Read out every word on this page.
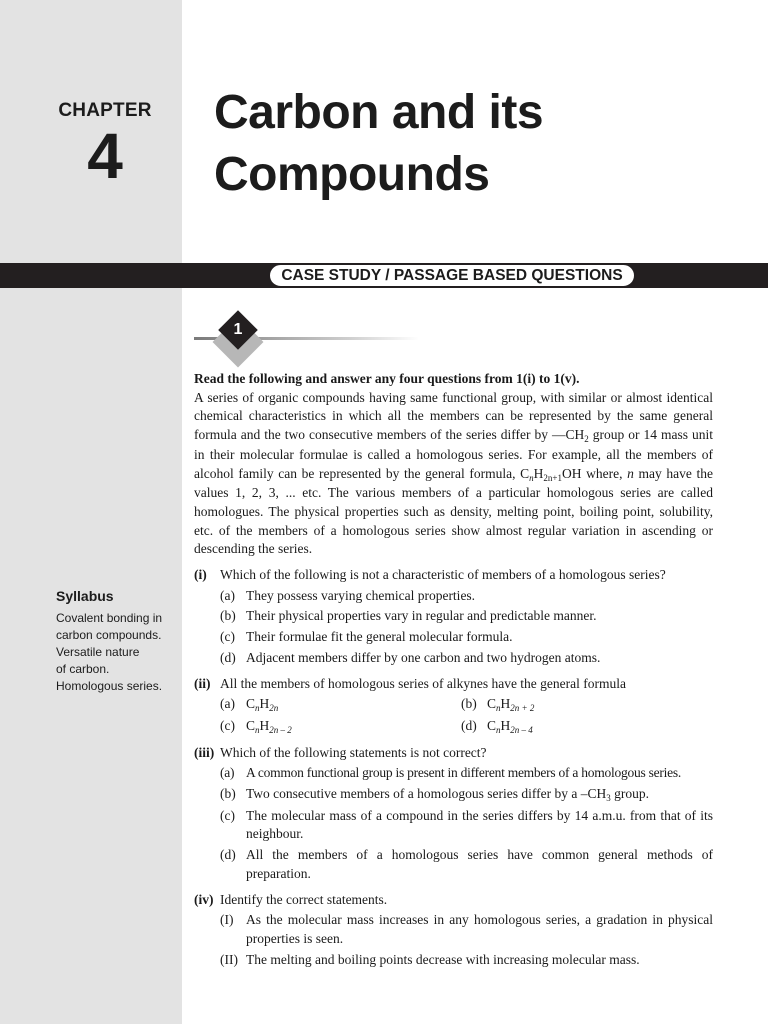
CHAPTER
4
Carbon and its
Compounds
CASE STUDY / PASSAGE BASED QUESTIONS
1
Syllabus
Covalent bonding in
carbon compounds.
Versatile nature
of carbon.
Homologous series.
Read the following and answer any four questions from 1(i) to 1(v).
A series of organic compounds having same functional group, with similar or almost identical chemical characteristics in which all the members can be represented by the same general formula and the two consecutive members of the series differ by $—CH_2$ group or 14 mass unit in their molecular formulae is called a homologous series. For example, all the members of alcohol family can be represented by the general formula, $C_nH_{2n+1}OH$ where, n may have the values 1, 2, 3, ... etc. The various members of a particular homologous series are called homologues. The physical properties such as density, melting point, boiling point, solubility, etc. of the members of a homologous series show almost regular variation in ascending or descending the series.
(i) Which of the following is not a characteristic of members of a homologous series?
(a) They possess varying chemical properties.
(b) Their physical properties vary in regular and predictable manner.
(c) Their formulae fit the general molecular formula.
(d) Adjacent members differ by one carbon and two hydrogen atoms.
(ii) All the members of homologous series of alkynes have the general formula
(a) $C_nH_{2n}$	(b) $C_nH_{2n + 2}$
(c) $C_nH_{2n - 2}$	(d) $C_nH_{2n - 4}$
(iii) Which of the following statements is not correct?
(a) A common functional group is present in different members of a homologous series.
(b) Two consecutive members of a homologous series differ by a $-CH_3$ group.
(c) The molecular mass of a compound in the series differs by 14 a.m.u. from that of its neighbour.
(d) All the members of a homologous series have common general methods of preparation.
(iv) Identify the correct statements.
(I) As the molecular mass increases in any homologous series, a gradation in physical properties is seen.
(II) The melting and boiling points decrease with increasing molecular mass.
